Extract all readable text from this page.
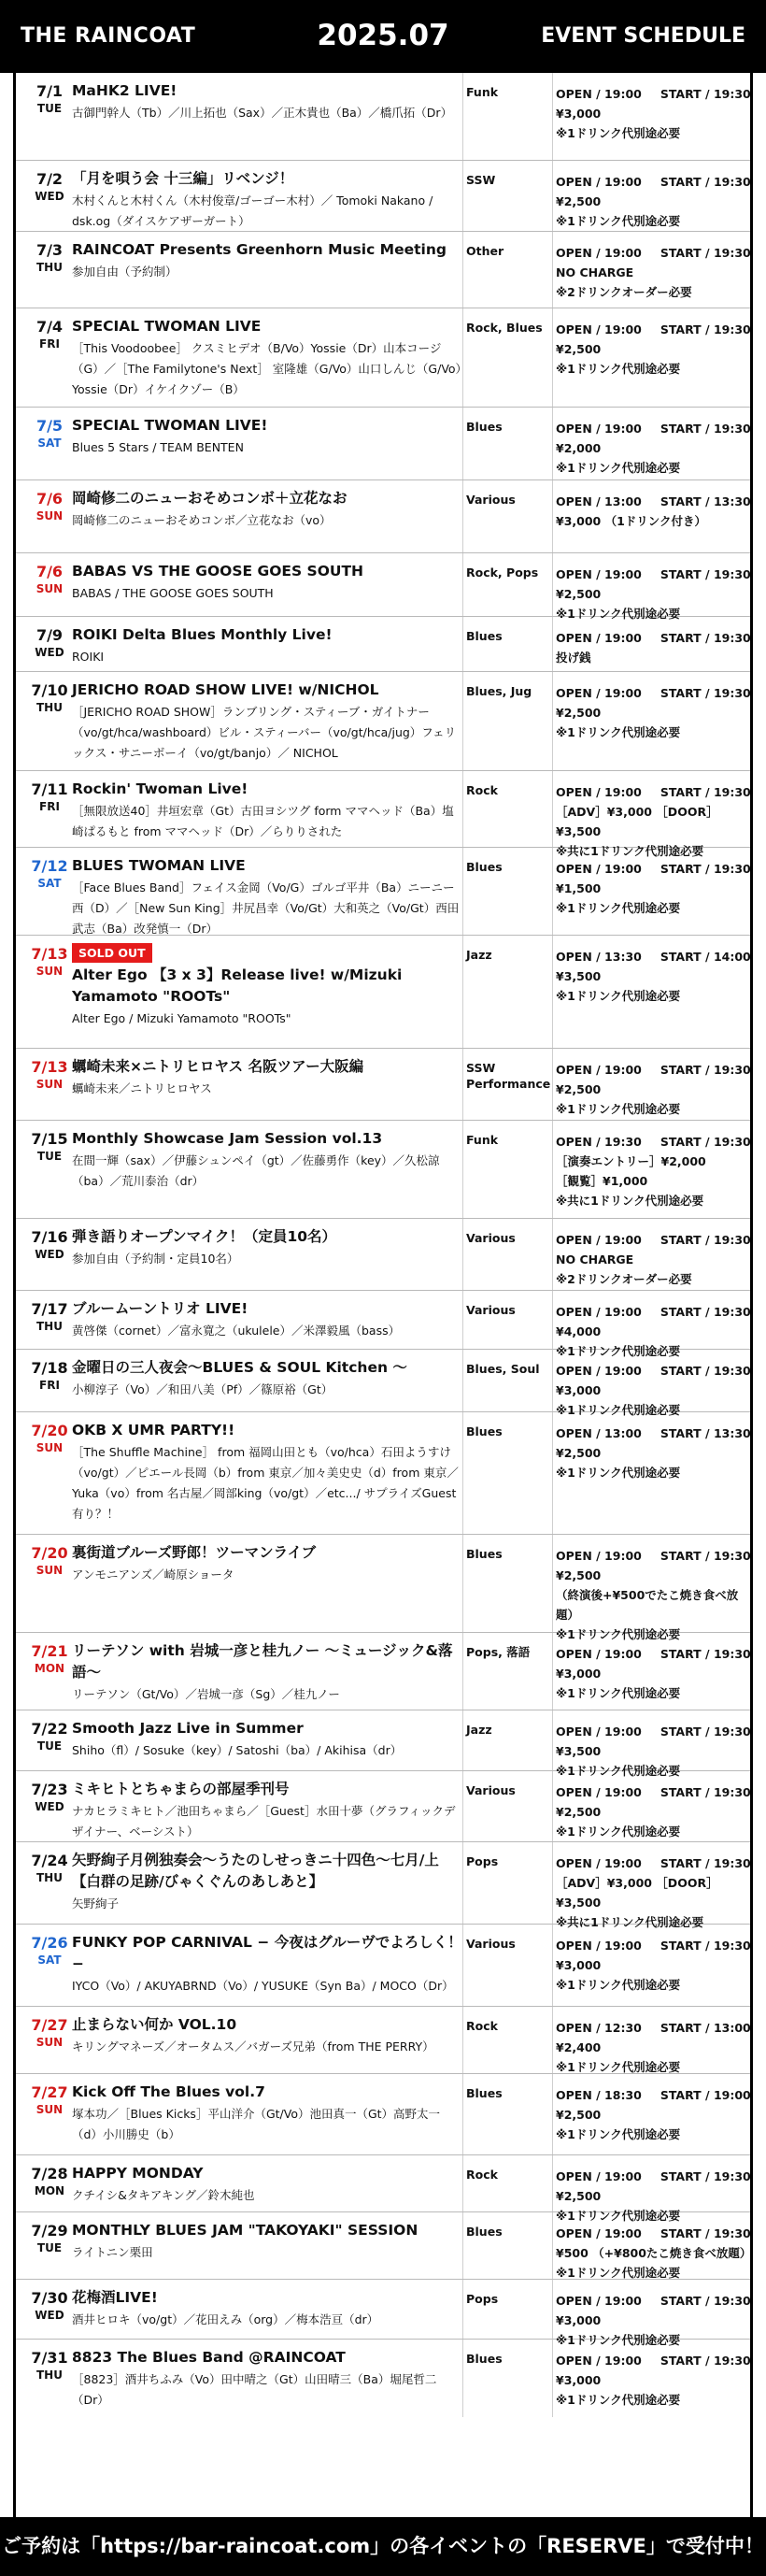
THE RAINCOAT	2025.07	EVENT SCHEDULE
7/1
TUE
MaHK2 LIVE!
古御門幹人（Tb）／川上拓也（Sax）／正木貴也（Ba）／橋爪拓（Dr）
Funk	OPEN / 19:00 START / 19:30
¥3,000
※1ドリンク代別途必要
7/2
WED
「月を唄う会 十三編」リベンジ！
木村くんと木村くん（木村俊章/ゴーゴー木村）／ Tomoki Nakano / dsk.og（ダイスケアザーガート）
SSW	OPEN / 19:00 START / 19:30
¥2,500
※1ドリンク代別途必要
7/3
THU
RAINCOAT Presents Greenhorn Music Meeting
参加自由（予約制）
Other	OPEN / 19:00 START / 19:30
NO CHARGE
※2ドリンクオーダー必要
7/4
FRI
SPECIAL TWOMAN LIVE
［This Voodoobee］ クスミヒデオ（B/Vo）Yossie（Dr）山本コージ（G）／［The Familytone's Next］ 室隆雄（G/Vo）山口しんじ（G/Vo）Yossie（Dr）イケイクゾー（B）
Rock, Blues	OPEN / 19:00 START / 19:30
¥2,500
※1ドリンク代別途必要
7/5
SAT
SPECIAL TWOMAN LIVE!
Blues 5 Stars / TEAM BENTEN
Blues	OPEN / 19:00 START / 19:30
¥2,000
※1ドリンク代別途必要
7/6
SUN
岡崎修二のニューおそめコンボ＋立花なお
岡崎修二のニューおそめコンボ／立花なお（vo）
Various	OPEN / 13:00 START / 13:30
¥3,000 （1ドリンク付き）
7/6
SUN
BABAS VS THE GOOSE GOES SOUTH
BABAS / THE GOOSE GOES SOUTH
Rock, Pops	OPEN / 19:00 START / 19:30
¥2,500
※1ドリンク代別途必要
7/9
WED
ROIKI Delta Blues Monthly Live!
ROIKI
Blues	OPEN / 19:00 START / 19:30
投げ銭
7/10
THU
JERICHO ROAD SHOW LIVE! w/NICHOL
［JERICHO ROAD SHOW］ランブリング・スティーブ・ガイトナー（vo/gt/hca/washboard）ビル・スティーバー（vo/gt/hca/jug）フェリックス・サニーボーイ（vo/gt/banjo）／ NICHOL
Blues, Jug	OPEN / 19:00 START / 19:30
¥2,500
※1ドリンク代別途必要
7/11
FRI
Rockin' Twoman Live!
［無限放送40］井垣宏章（Gt）古田ヨシツグ form ママヘッド（Ba）塩崎ぱるもと from ママヘッド（Dr）／らりりされた
Rock	OPEN / 19:00 START / 19:30
［ADV］¥3,000 ［DOOR］¥3,500
※共に1ドリンク代別途必要
7/12
SAT
BLUES TWOMAN LIVE
［Face Blues Band］フェイス金岡（Vo/G）ゴルゴ平井（Ba）ニーニー西（D）／［New Sun King］井尻昌幸（Vo/Gt）大和英之（Vo/Gt）西田武志（Ba）改発慎一（Dr）
Blues	OPEN / 19:00 START / 19:30
¥1,500
※1ドリンク代別途必要
7/13
SUN
SOLD OUT
Alter Ego 【3 x 3】Release live! w/Mizuki Yamamoto "ROOTs"
Alter Ego / Mizuki Yamamoto "ROOTs"
Jazz	OPEN / 13:30 START / 14:00
¥3,500
※1ドリンク代別途必要
7/13
SUN
蠣崎未来×ニトリヒロヤス 名阪ツアー大阪編
蠣崎未来／ニトリヒロヤス
SSW Performance
OPEN / 19:00 START / 19:30
¥2,500
※1ドリンク代別途必要
7/15
TUE
Monthly Showcase Jam Session vol.13
在間一輝（sax）／伊藤シュンペイ（gt）／佐藤勇作（key）／久松諒（ba）／荒川泰治（dr）
Funk	OPEN / 19:30 START / 19:30
［演奏エントリー］¥2,000
［観覧］¥1,000
※共に1ドリンク代別途必要
7/16
WED
弾き語りオープンマイク！（定員10名）
参加自由（予約制・定員10名）
Various	OPEN / 19:00 START / 19:30
NO CHARGE
※2ドリンクオーダー必要
7/17
THU
ブルームーントリオ LIVE!
黄啓傑（cornet）／富永寛之（ukulele）／米澤毅風（bass）
Various	OPEN / 19:00 START / 19:30
¥4,000
※1ドリンク代別途必要
7/18
FRI
金曜日の三人夜会〜BLUES & SOUL Kitchen 〜
小柳淳子（Vo）／和田八美（Pf）／篠原裕（Gt）
Blues, Soul	OPEN / 19:00 START / 19:30
¥3,000
※1ドリンク代別途必要
7/20
SUN
OKB X UMR PARTY!!
［The Shuffle Machine］ from 福岡山田とも（vo/hca）石田ようすけ（vo/gt）／ピエール長岡（b）from 東京／加々美史史（d）from 東京／Yuka（vo）from 名古屋／岡部king（vo/gt）／etc.../ サプライズGuest有り？！
Blues	OPEN / 13:00 START / 13:30
¥2,500
※1ドリンク代別途必要
7/20
SUN
裏街道ブルーズ野郎！ツーマンライブ
アンモニアンズ／崎原ショータ
Blues	OPEN / 19:00 START / 19:30
¥2,500
（終演後+¥500でたこ焼き食べ放題）
※1ドリンク代別途必要
7/21
MON
リーテソン with 岩城一彦と桂九ノー 〜ミュージック&落語〜
リーテソン（Gt/Vo）／岩城一彦（Sg）／桂九ノー
Pops, 落語	OPEN / 19:00 START / 19:30
¥3,000
※1ドリンク代別途必要
7/22
TUE
Smooth Jazz Live in Summer
Shiho（fl）/ Sosuke（key）/ Satoshi（ba）/ Akihisa（dr）
Jazz	OPEN / 19:00 START / 19:30
¥3,500
※1ドリンク代別途必要
7/23
WED
ミキヒトとちゃまらの部屋季刊号
ナカヒラミキヒト／池田ちゃまら／［Guest］水田十夢（グラフィックデザイナー、ベーシスト）
Various	OPEN / 19:00 START / 19:30
¥2,500
※1ドリンク代別途必要
7/24
THU
矢野絢子月例独奏会〜うたのしせっきニ十四色〜七月/上【白群の足跡/びゃくぐんのあしあと】
矢野絢子
Pops	OPEN / 19:00 START / 19:30
［ADV］¥3,000 ［DOOR］¥3,500
※共に1ドリンク代別途必要
7/26
SAT
FUNKY POP CARNIVAL − 今夜はグルーヴでよろしく！ −
IYCO（Vo）/ AKUYABRND（Vo）/ YUSUKE（Syn Ba）/ MOCO（Dr）
Various	OPEN / 19:00 START / 19:30
¥3,000
※1ドリンク代別途必要
7/27
SUN
止まらない何か VOL.10
キリングマネーズ／オータムス／バガーズ兄弟（from THE PERRY）
Rock	OPEN / 12:30 START / 13:00
¥2,400
※1ドリンク代別途必要
7/27
SUN
Kick Off The Blues vol.7
塚本功／［Blues Kicks］平山洋介（Gt/Vo）池田真一（Gt）高野太一（d）小川勝史（b）
Blues	OPEN / 18:30 START / 19:00
¥2,500
※1ドリンク代別途必要
7/28
MON
HAPPY MONDAY
クチイシ&タキアキング／鈴木純也
Rock	OPEN / 19:00 START / 19:30
¥2,500
※1ドリンク代別途必要
7/29
TUE
MONTHLY BLUES JAM "TAKOYAKI" SESSION
ライトニン栗田
Blues	OPEN / 19:00 START / 19:30
¥500 （+¥800たこ焼き食べ放題）
※1ドリンク代別途必要
7/30
WED
花梅酒LIVE!
酒井ヒロキ（vo/gt）／花田えみ（org）／梅本浩亘（dr）
Pops	OPEN / 19:00 START / 19:30
¥3,000
※1ドリンク代別途必要
7/31
THU
8823 The Blues Band @RAINCOAT
［8823］酒井ちふみ（Vo）田中晴之（Gt）山田晴三（Ba）堀尾哲二（Dr）
Blues	OPEN / 19:00 START / 19:30
¥3,000
※1ドリンク代別途必要
ご予約は「https://bar-raincoat.com」の各イベントの「RESERVE」で受付中！
